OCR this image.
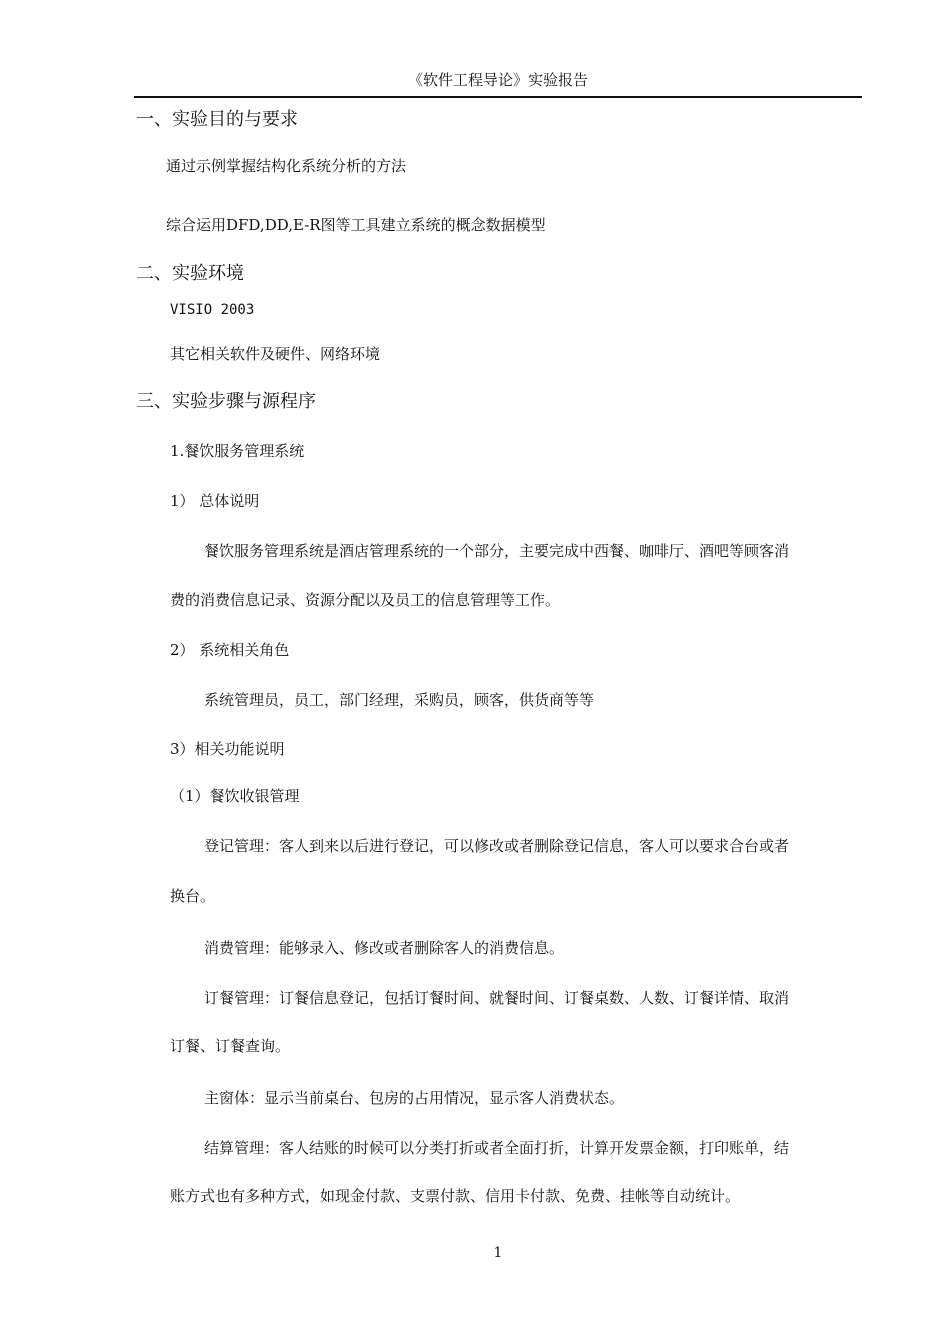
《软件工程导论》实验报告
一、实验目的与要求
通过示例掌握结构化系统分析的方法
综合运用DFD,DD,E-R图等工具建立系统的概念数据模型
二、实验环境
VISIO 2003
其它相关软件及硬件、网络环境
三、实验步骤与源程序
1.餐饮服务管理系统
1） 总体说明
餐饮服务管理系统是酒店管理系统的一个部分，主要完成中西餐、咖啡厅、酒吧等顾客消
费的消费信息记录、资源分配以及员工的信息管理等工作。
2） 系统相关角色
系统管理员，员工，部门经理，采购员，顾客，供货商等等
3）相关功能说明
（1）餐饮收银管理
登记管理：客人到来以后进行登记，可以修改或者删除登记信息，客人可以要求合台或者
换台。
消费管理：能够录入、修改或者删除客人的消费信息。
订餐管理：订餐信息登记，包括订餐时间、就餐时间、订餐桌数、人数、订餐详情、取消
订餐、订餐查询。
主窗体：显示当前桌台、包房的占用情况，显示客人消费状态。
结算管理：客人结账的时候可以分类打折或者全面打折，计算开发票金额，打印账单，结
账方式也有多种方式，如现金付款、支票付款、信用卡付款、免费、挂帐等自动统计。
1
